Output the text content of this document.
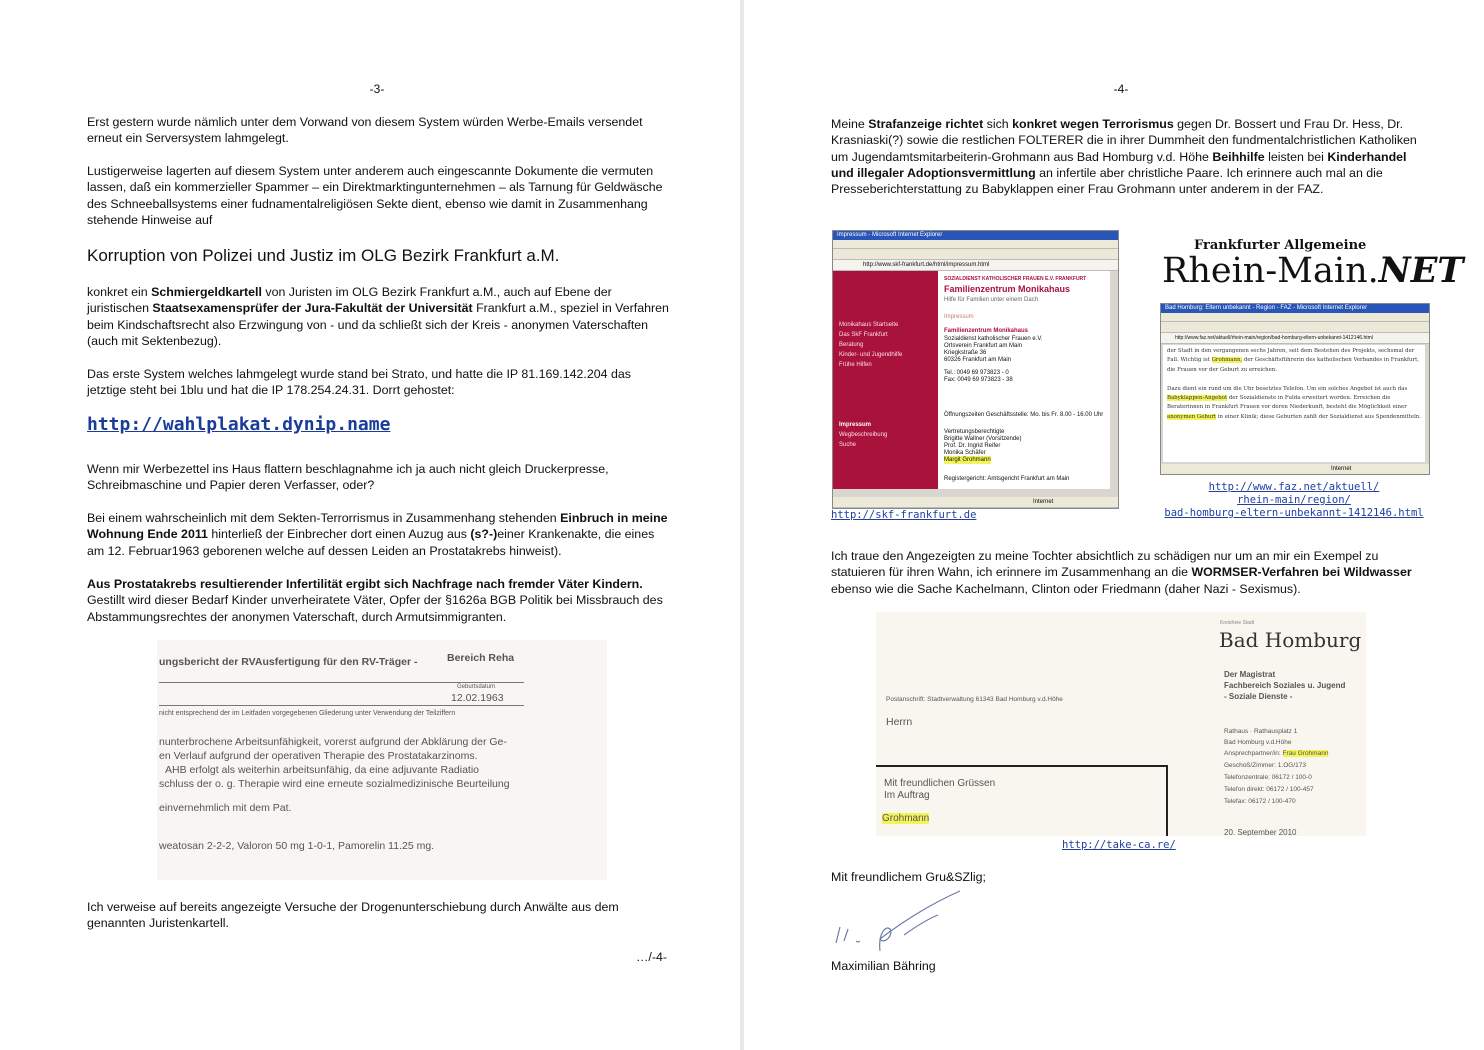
-3-

Erst gestern wurde nämlich unter dem Vorwand von diesem System würden Werbe-Emails versendet erneut ein Serversystem lahmgelegt.

Lustigerweise lagerten auf diesem System unter anderem auch eingescannte Dokumente die vermuten lassen, daß ein kommerzieller Spammer – ein Direktmarktingunternehmen – als Tarnung für Geldwäsche des Schneeballsystems einer fudnamentalreligiösen Sekte dient, ebenso wie damit in Zusammenhang stehende Hinweise auf

Korruption von Polizei und Justiz im OLG Bezirk Frankfurt a.M.

konkret ein Schmiergeldkartell von Juristen im OLG Bezirk Frankfurt a.M., auch auf Ebene der juristischen Staatsexamensprüfer der Jura-Fakultät der Universität Frankfurt a.M., speziel in Verfahren beim Kindschaftsrecht also Erzwingung von - und da schließt sich der Kreis - anonymen Vaterschaften (auch mit Sektenbezug).

Das erste System welches lahmgelegt wurde stand bei Strato, und hatte die IP 81.169.142.204 das jetztige steht bei 1blu und hat die IP 178.254.24.31. Dorrt gehostet:

http://wahlplakat.dynip.name

Wenn mir Werbezettel ins Haus flattern beschlagnahme ich ja auch nicht gleich Druckerpresse, Schreibmaschine und Papier deren Verfasser, oder?

Bei einem wahrscheinlich mit dem Sekten-Terrorrismus in Zusammenhang stehenden Einbruch in meine Wohnung Ende 2011 hinterließ der Einbrecher dort einen Auzug aus (s?-)einer Krankenakte, die eines am 12. Februar1963 geborenen welche auf dessen Leiden an Prostatakrebs hinweist).

Aus Prostatakrebs resultierender Infertilität ergibt sich Nachfrage nach fremder Väter Kindern.
Gestillt wird dieser Bedarf Kinder unverheiratete Väter, Opfer der §1626a BGB Politik bei Missbrauch des Abstammungsrechtes der anonymen Vaterschaft, durch Armutsimmigranten.

ungsbericht der RVAusfertigung für den RV-Träger -	Bereich Reha
Geburtsdatum
12.02.1963
nicht entsprechend der im Leitfaden vorgegebenen Gliederung unter Verwendung der Teilziffern
nunterbrochene Arbeitsunfähigkeit, vorerst aufgrund der Abklärung der Ge-
en Verlauf aufgrund der operativen Therapie des Prostatakarzinoms.
AHB erfolgt als weiterhin arbeitsunfähig, da eine adjuvante Radiatio
schluss der o. g. Therapie wird eine erneute sozialmedizinische Beurteilung
einvernehmlich mit dem Pat.
weatosan 2-2-2, Valoron 50 mg 1-0-1, Pamorelin 11.25 mg.

Ich verweise auf bereits angezeigte Versuche der Drogenunterschiebung durch Anwälte aus dem genannten Juristenkartell.

…/-4-
-4-

Meine Strafanzeige richtet sich konkret wegen Terrorismus gegen Dr. Bossert und Frau Dr. Hess, Dr. Krasniaski(?) sowie die restlichen FOLTERER die in ihrer Dummheit den fundmentalchristlichen Katholiken um Jugendamtsmitarbeiterin-Grohmann aus Bad Homburg v.d. Höhe Beihhilfe leisten bei Kinderhandel und illegaler Adoptionsvermittlung an infertile aber christliche Paare. Ich erinnere auch mal an die Presseberichterstattung zu Babyklappen einer Frau Grohmann unter anderem in der FAZ.

Impressum - Microsoft Internet Explorer
http://www.skf-frankfurt.de/html/impressum.html
Monikahaus Startseite
Das SkF Frankfurt
Beratung
Kinder- und Jugendhilfe
Frühe Hilfen
Impressum
Wegbeschreibung
Suche
SOZIALDIENST KATHOLISCHER FRAUEN E.V. FRANKFURT
Familienzentrum Monikahaus
Hilfe für Familien unter einem Dach
Impressum
Familienzentrum Monikahaus
Sozialdienst katholischer Frauen e.V.
Ortsverein Frankfurt am Main
Kriegkstraße 36
60326 Frankfurt am Main
Tel.: 0049 69 973823 - 0
Fax: 0049 69 973823 - 38
Öffnungszeiten Geschäftsstelle: Mo. bis Fr. 8.00 - 16.00 Uhr
Vertretungsberechtigte
Brigitte Wallner (Vorsitzende)
Prof. Dr. Ingrid Reifer
Monika Schäfer
Margit Grohmann
Registergericht: Amtsgericht Frankfurt am Main
Internet
http://skf-frankfurt.de
Frankfurter Allgemeine
Rhein-Main.NET
Bad Homburg: Eltern unbekannt - Region - FAZ - Microsoft Internet Explorer
http://www.faz.net/aktuell/rhein-main/region/bad-homburg-eltern-unbekannt-1412146.html
der Stadt in den vergangenen sechs Jahren, seit dem Bestehen des Projekts, sechsmal der Fall. Wichtig ist Grohmann, der Geschäftsführerin des katholischen Verbandes in Frankfurt, die Frauen vor der Geburt zu erreichen.

Dazu dient ein rund um die Uhr besetztes Telefon. Um ein solches Angebot ist auch das Babyklappen-Angebot der Sozialdienste in Fulda erweitert worden. Erreichen die Beraterinnen in Frankfurt Frauen vor deren Niederkunft, besteht die Möglichkeit einer anonymen Geburt in einer Klinik; diese Geburten zahlt der Sozialdienst aus Spendenmitteln.
Internet
http://www.faz.net/aktuell/
rhein-main/region/
bad-homburg-eltern-unbekannt-1412146.html

Ich traue den Angezeigten zu meine Tochter absichtlich zu schädigen nur um an mir ein Exempel zu statuieren für ihren Wahn, ich erinnere im Zusammenhang an die WORMSER-Verfahren bei Wildwasser ebenso wie die Sache Kachelmann, Clinton oder Friedmann (daher Nazi - Sexismus).

Kreisfreie Stadt
Bad Homburg
Der Magistrat
Fachbereich Soziales u. Jugend
- Soziale Dienste -
Postanschrift: Stadtverwaltung 61343 Bad Homburg v.d.Höhe
Herrn
Rathaus · Rathausplatz 1
Bad Homburg v.d.Höhe
Ansprechpartner/in: Frau Grohmann
Geschoß/Zimmer: 1.OG/173
Telefonzentrale: 06172 / 100-0
Telefon direkt: 06172 / 100-457
Telefax: 06172 / 100-470
Mit freundlichen Grüssen
Im Auftrag
Grohmann
20. September 2010
http://take-ca.re/
Mit freundlichem Gru&SZlig;
Maximilian Bähring
